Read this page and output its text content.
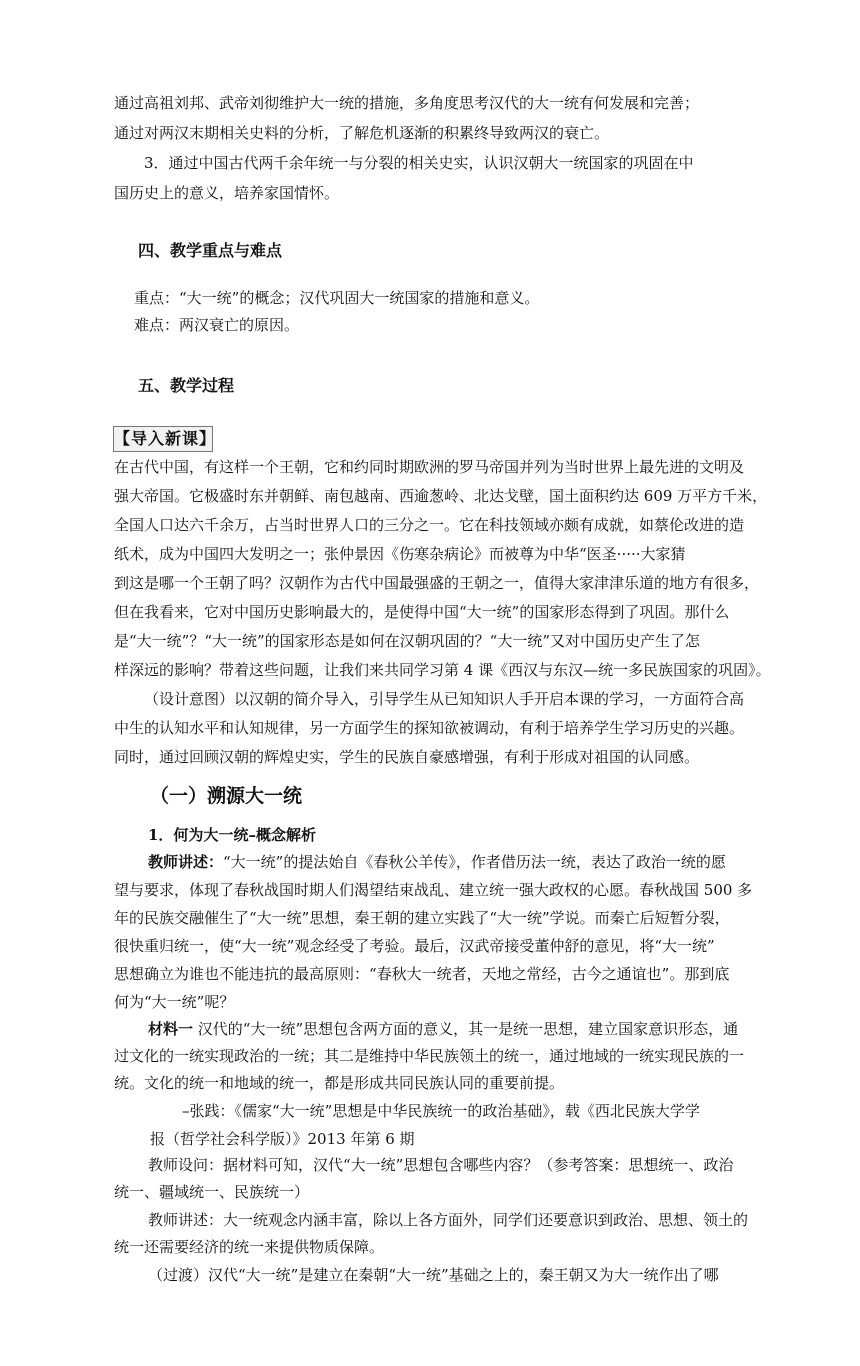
通过高祖刘邦、武帝刘彻维护大一统的措施，多角度思考汉代的大一统有何发展和完善；
通过对两汉末期相关史料的分析，了解危机逐渐的积累终导致两汉的衰亡。
3．通过中国古代两千余年统一与分裂的相关史实，认识汉朝大一统国家的巩固在中
国历史上的意义，培养家国情怀。
四、教学重点与难点
重点：“大一统”的概念；汉代巩固大一统国家的措施和意义。
难点：两汉衰亡的原因。
五、教学过程
【导入新课】
在古代中国，有这样一个王朝，它和约同时期欧洲的罗马帝国并列为当时世界上最先进的文明及
强大帝国。它极盛时东并朝鲜、南包越南、西逾葱岭、北达戈壁，国土面积约达 609 万平方千米，
全国人口达六千余万，占当时世界人口的三分之一。它在科技领域亦颇有成就，如蔡伦改进的造
纸术，成为中国四大发明之一；张仲景因《伤寒杂病论》而被尊为中华“医圣·····大家猜
到这是哪一个王朝了吗？汉朝作为古代中国最强盛的王朝之一，值得大家津津乐道的地方有很多，
但在我看来，它对中国历史影响最大的，是使得中国“大一统”的国家形态得到了巩固。那什么
是“大一统”？“大一统”的国家形态是如何在汉朝巩固的？“大一统”又对中国历史产生了怎
样深远的影响？带着这些问题，让我们来共同学习第 4 课《西汉与东汉—统一多民族国家的巩固》。
（设计意图）以汉朝的简介导入，引导学生从已知知识人手开启本课的学习，一方面符合高
中生的认知水平和认知规律，另一方面学生的探知欲被调动，有利于培养学生学习历史的兴趣。
同时，通过回顾汉朝的辉煌史实，学生的民族自豪感增强，有利于形成对祖国的认同感。
（一）溯源大一统
1．何为大一统–概念解析
教师讲述：“大一统”的提法始自《春秋公羊传》，作者借历法一统，表达了政治一统的愿
望与要求，体现了春秋战国时期人们渴望结束战乱、建立统一强大政权的心愿。春秋战国 500 多
年的民族交融催生了“大一统”思想，秦王朝的建立实践了“大一统”学说。而秦亡后短暂分裂，
很快重归统一，使“大一统”观念经受了考验。最后，汉武帝接受董仲舒的意见，将“大一统”
思想确立为谁也不能违抗的最高原则：“春秋大一统者，天地之常经，古今之通谊也”。那到底
何为“大一统”呢？
材料一 汉代的“大一统”思想包含两方面的意义，其一是统一思想，建立国家意识形态，通
过文化的一统实现政治的一统；其二是维持中华民族领土的统一，通过地域的一统实现民族的一
统。文化的统一和地域的统一，都是形成共同民族认同的重要前提。
–张践：《儒家“大一统”思想是中华民族统一的政治基础》，载《西北民族大学学
报（哲学社会科学版）》2013 年第 6 期
教师设问：据材料可知，汉代“大一统”思想包含哪些内容？（参考答案：思想统一、政治
统一、疆域统一、民族统一）
教师讲述：大一统观念内涵丰富，除以上各方面外，同学们还要意识到政治、思想、领土的
统一还需要经济的统一来提供物质保障。
（过渡）汉代“大一统”是建立在秦朝“大一统”基础之上的，秦王朝又为大一统作出了哪
